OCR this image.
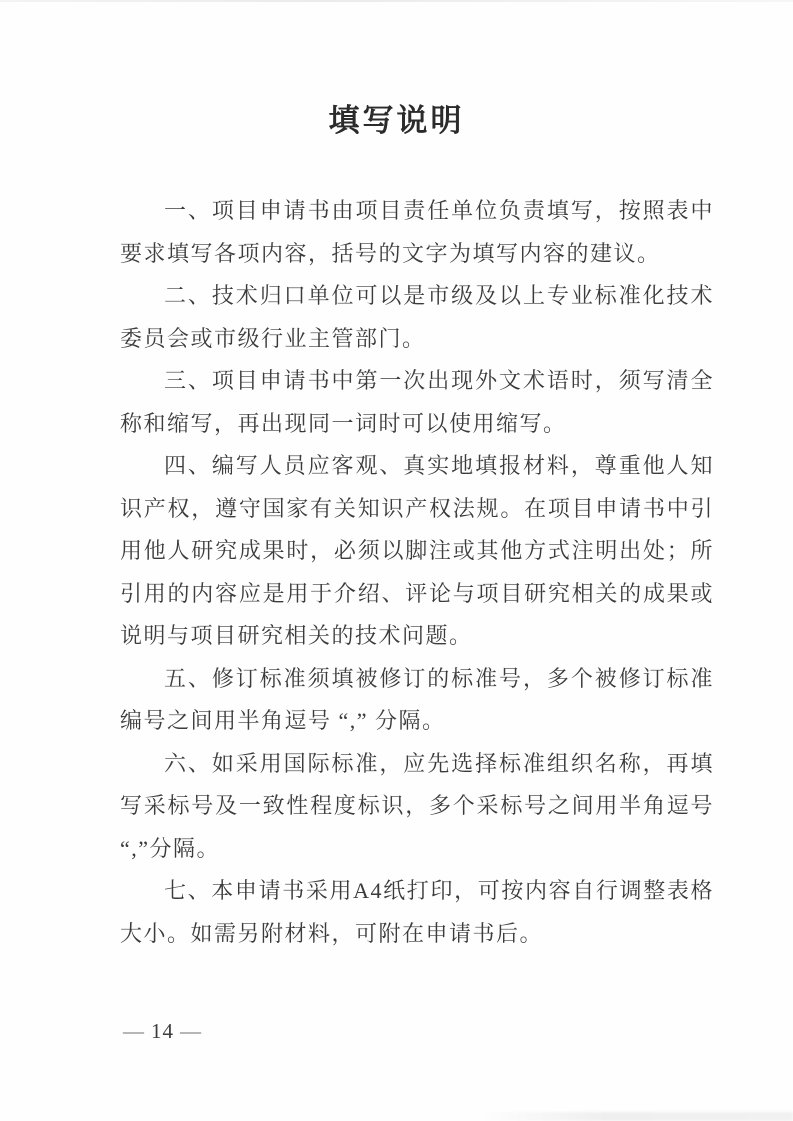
填写说明

一、项目申请书由项目责任单位负责填写，按照表中要求填写各项内容，括号的文字为填写内容的建议。

二、技术归口单位可以是市级及以上专业标准化技术委员会或市级行业主管部门。

三、项目申请书中第一次出现外文术语时，须写清全称和缩写，再出现同一词时可以使用缩写。

四、编写人员应客观、真实地填报材料，尊重他人知识产权，遵守国家有关知识产权法规。在项目申请书中引用他人研究成果时，必须以脚注或其他方式注明出处；所引用的内容应是用于介绍、评论与项目研究相关的成果或说明与项目研究相关的技术问题。

五、修订标准须填被修订的标准号，多个被修订标准编号之间用半角逗号 “,” 分隔。

六、如采用国际标准，应先选择标准组织名称，再填写采标号及一致性程度标识，多个采标号之间用半角逗号 “,”分隔。

七、本申请书采用A4纸打印，可按内容自行调整表格大小。如需另附材料，可附在申请书后。

— 14 —
